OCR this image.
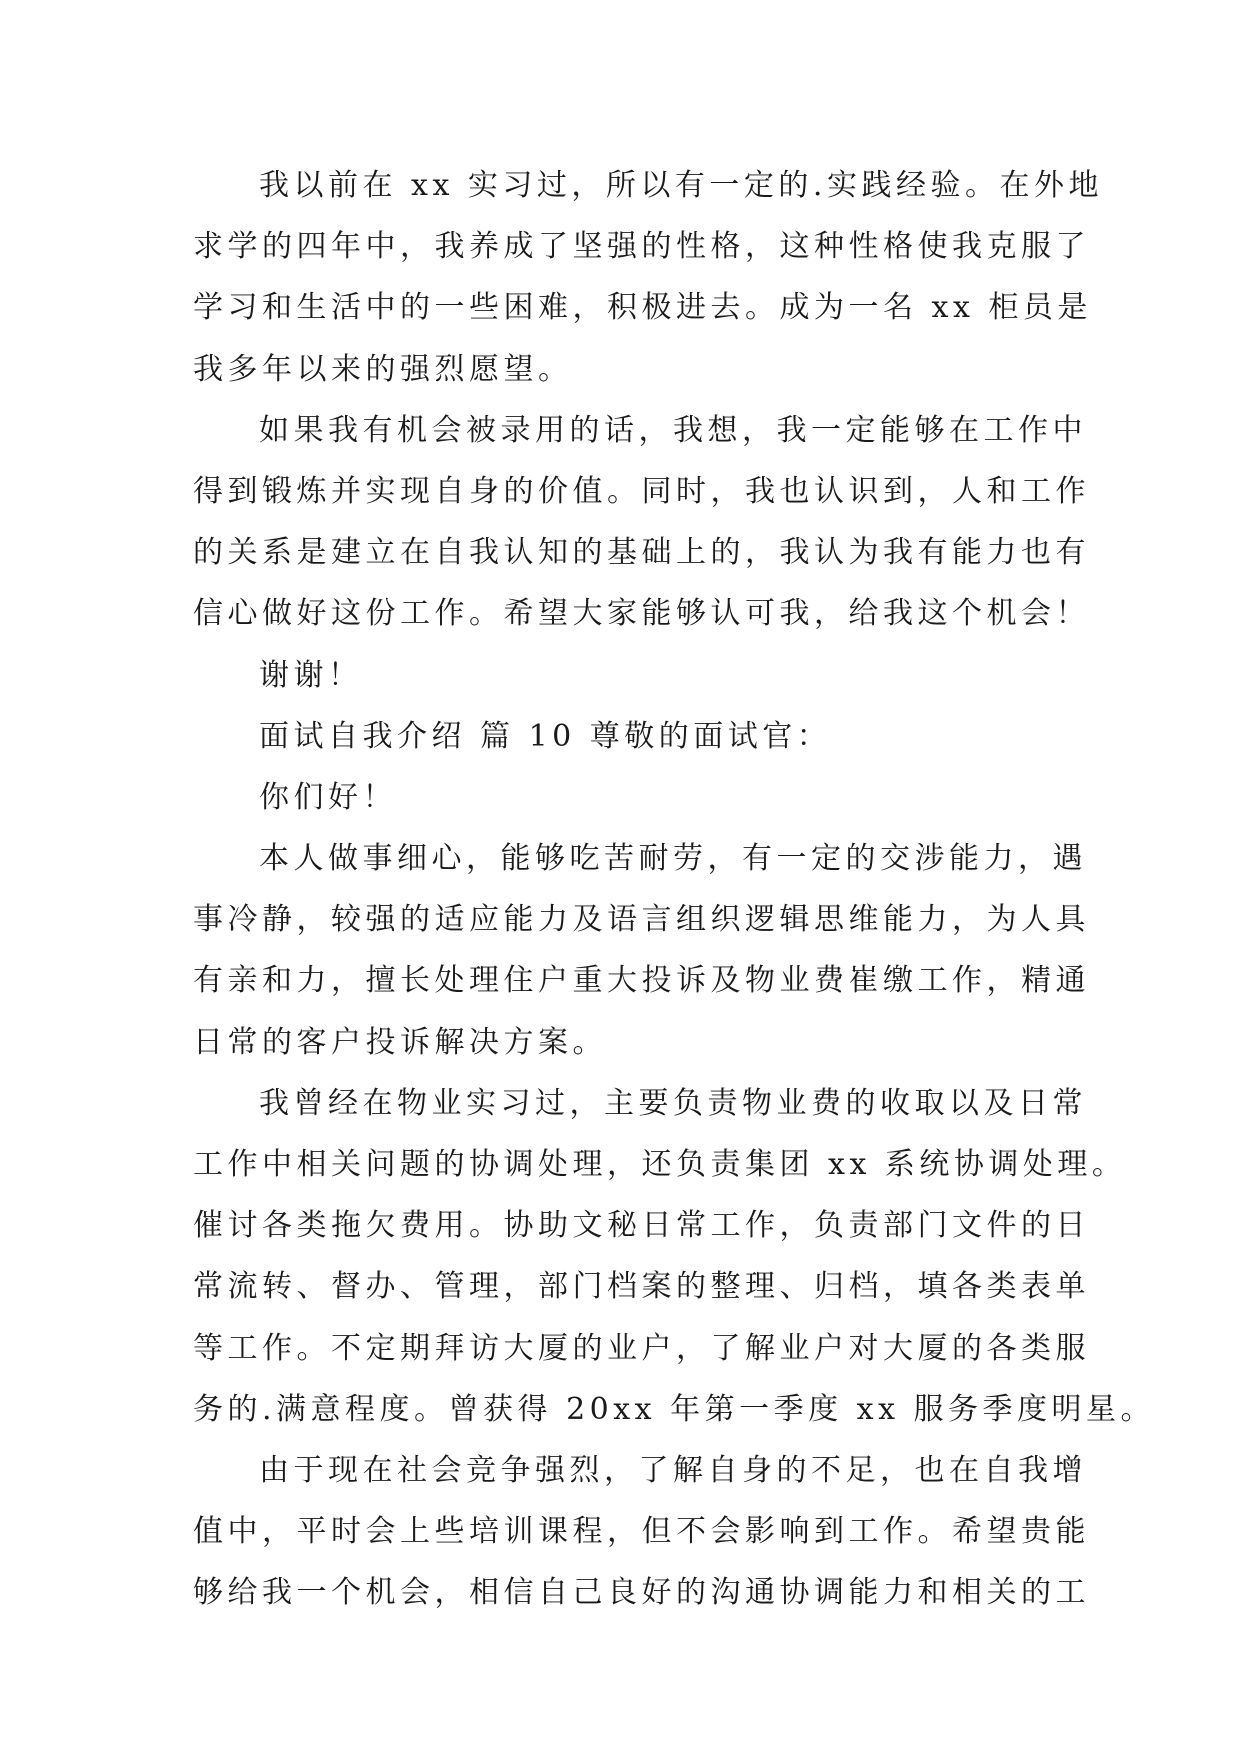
我以前在 xx 实习过，所以有一定的.实践经验。在外地
求学的四年中，我养成了坚强的性格，这种性格使我克服了
学习和生活中的一些困难，积极进去。成为一名 xx 柜员是
我多年以来的强烈愿望。
如果我有机会被录用的话，我想，我一定能够在工作中
得到锻炼并实现自身的价值。同时，我也认识到，人和工作
的关系是建立在自我认知的基础上的，我认为我有能力也有
信心做好这份工作。希望大家能够认可我，给我这个机会！
谢谢！
面试自我介绍 篇 10 尊敬的面试官：
你们好！
本人做事细心，能够吃苦耐劳，有一定的交涉能力，遇
事冷静，较强的适应能力及语言组织逻辑思维能力，为人具
有亲和力，擅长处理住户重大投诉及物业费崔缴工作，精通
日常的客户投诉解决方案。
我曾经在物业实习过，主要负责物业费的收取以及日常
工作中相关问题的协调处理，还负责集团 xx 系统协调处理。
催讨各类拖欠费用。协助文秘日常工作，负责部门文件的日
常流转、督办、管理，部门档案的整理、归档，填各类表单
等工作。不定期拜访大厦的业户，了解业户对大厦的各类服
务的.满意程度。曾获得 20xx 年第一季度 xx 服务季度明星。
由于现在社会竞争强烈，了解自身的不足，也在自我增
值中，平时会上些培训课程，但不会影响到工作。希望贵能
够给我一个机会，相信自己良好的沟通协调能力和相关的工
